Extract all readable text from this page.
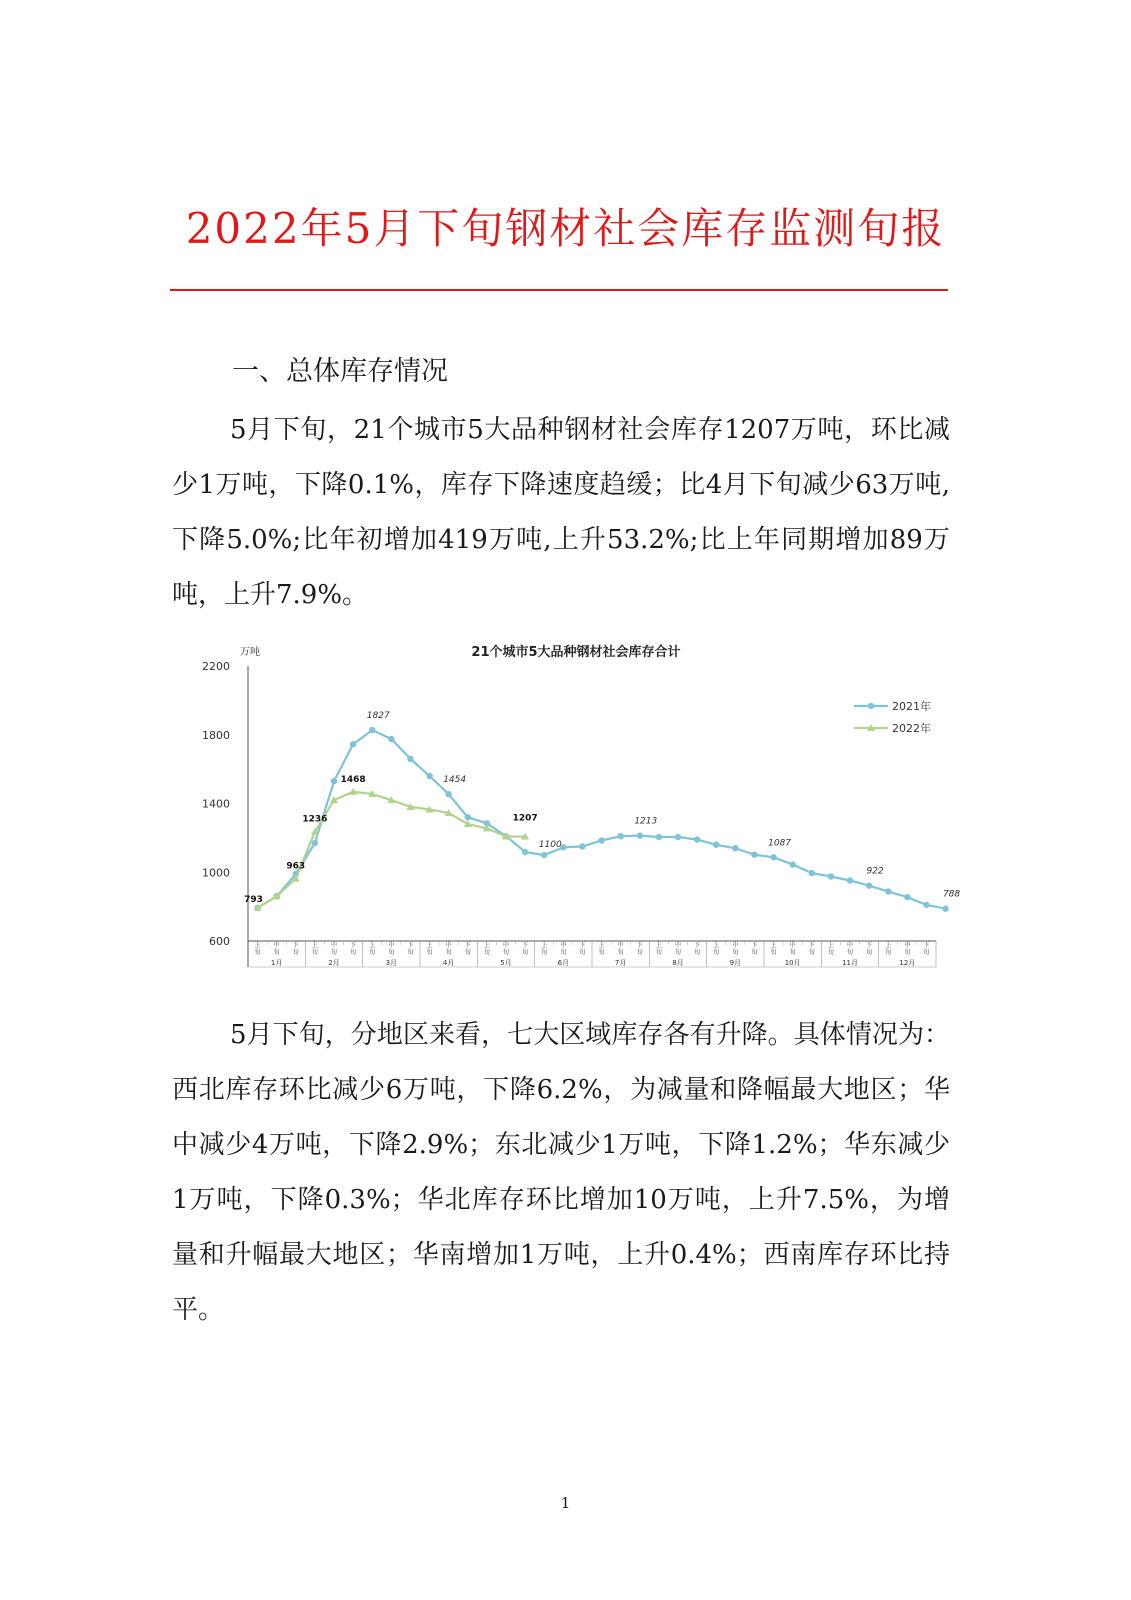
2022年5月下旬钢材社会库存监测旬报
一、总体库存情况

5月下旬，21个城市5大品种钢材社会库存1207万吨，环比减少1万吨，下降0.1%，库存下降速度趋缓；比4月下旬减少63万吨,下降5.0%;比年初增加419万吨,上升53.2%;比上年同期增加89万吨，上升7.9%。

21个城市5大品种钢材社会库存合计
万吨
600
1000
1400
1800
2200
上旬
中旬
下旬
上旬
中旬
下旬
上旬
中旬
下旬
上旬
中旬
下旬
上旬
中旬
下旬
上旬
中旬
下旬
上旬
中旬
下旬
上旬
中旬
下旬
上旬
中旬
下旬
上旬
中旬
下旬
上旬
中旬
下旬
上旬
中旬
下旬
1月	2月	3月	4月	5月	6月	7月	8月	9月	10月	11月	12月
1827
1454
1100
1213
1087
922
788
793
963
1236
1468
1207
2021年
2022年

5月下旬，分地区来看，七大区域库存各有升降。具体情况为：西北库存环比减少6万吨，下降6.2%，为减量和降幅最大地区；华中减少4万吨，下降2.9%；东北减少1万吨，下降1.2%；华东减少1万吨，下降0.3%；华北库存环比增加10万吨，上升7.5%，为增量和升幅最大地区；华南增加1万吨，上升0.4%；西南库存环比持平。

1
